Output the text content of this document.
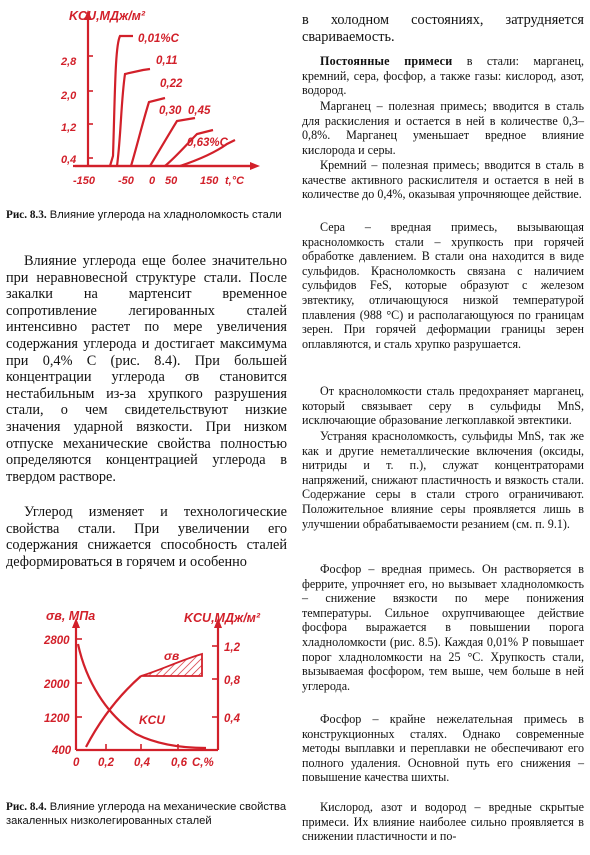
KCU,МДж/м²
2,8
2,0
1,2
0,4
-150 -50 0 50 150 t,°C
0,01%C
0,11
0,22
0,30 0,45
0,63%C
Рис. 8.3. Влияние углерода на хладноломкость стали

Влияние углерода еще более значительно при неравновесной структуре стали. После закалки на мартенсит временное сопротивление легированных сталей интенсивно растет по мере увеличения содержания углерода и достигает максимума при 0,4% С (рис. 8.4). При большей концентрации углерода σв становится нестабильным из-за хрупкого разрушения стали, о чем свидетельствуют низкие значения ударной вязкости. При низком отпуске механические свойства полностью определяются концентрацией углерода в твердом растворе.

Углерод изменяет и технологические свойства стали. При увеличении его содержания снижается способность сталей деформироваться в горячем и особенно

Рис. 8.4. Влияние углерода на механические свойства закаленных низколегированных сталей
σв, МПа	KCU,МДж/м²
2800
2000
1200
400
1,2
0,8
0,4
0 0,2 0,4 0,6 C,%
σв
KCU

в холодном состояниях, затрудняется свариваемость.

Постоянные примеси в стали: марганец, кремний, сера, фосфор, а также газы: кислород, азот, водород.

Марганец – полезная примесь; вводится в сталь для раскисления и остается в ней в количестве 0,3–0,8%. Марганец уменьшает вредное влияние кислорода и серы.

Кремний – полезная примесь; вводится в сталь в качестве активного раскислителя и остается в ней в количестве до 0,4%, оказывая упрочняющее действие.

Сера – вредная примесь, вызывающая красноломкость стали – хрупкость при горячей обработке давлением. В стали она находится в виде сульфидов. Красноломкость связана с наличием сульфидов FeS, которые образуют с железом эвтектику, отличающуюся низкой температурой плавления (988 °С) и располагающуюся по границам зерен. При горячей деформации границы зерен оплавляются, и сталь хрупко разрушается.

От красноломкости сталь предохраняет марганец, который связывает серу в сульфиды MnS, исключающие образование легкоплавкой эвтектики.

Устраняя красноломкость, сульфиды MnS, так же как и другие неметаллические включения (оксиды, нитриды и т. п.), служат концентраторами напряжений, снижают пластичность и вязкость стали. Содержание серы в стали строго ограничивают. Положительное влияние серы проявляется лишь в улучшении обрабатываемости резанием (см. п. 9.1).

Фосфор – вредная примесь. Он растворяется в феррите, упрочняет его, но вызывает хладноломкость – снижение вязкости по мере понижения температуры. Сильное охрупчивающее действие фосфора выражается в повышении порога хладноломкости (рис. 8.5). Каждая 0,01% Р повышает порог хладноломкости на 25 °С. Хрупкость стали, вызываемая фосфором, тем выше, чем больше в ней углерода.

Фосфор – крайне нежелательная примесь в конструкционных сталях. Однако современные методы выплавки и переплавки не обеспечивают его полного удаления. Основной путь его снижения – повышение качества шихты.

Кислород, азот и водород – вредные скрытые примеси. Их влияние наиболее сильно проявляется в снижении пластичности и по-
